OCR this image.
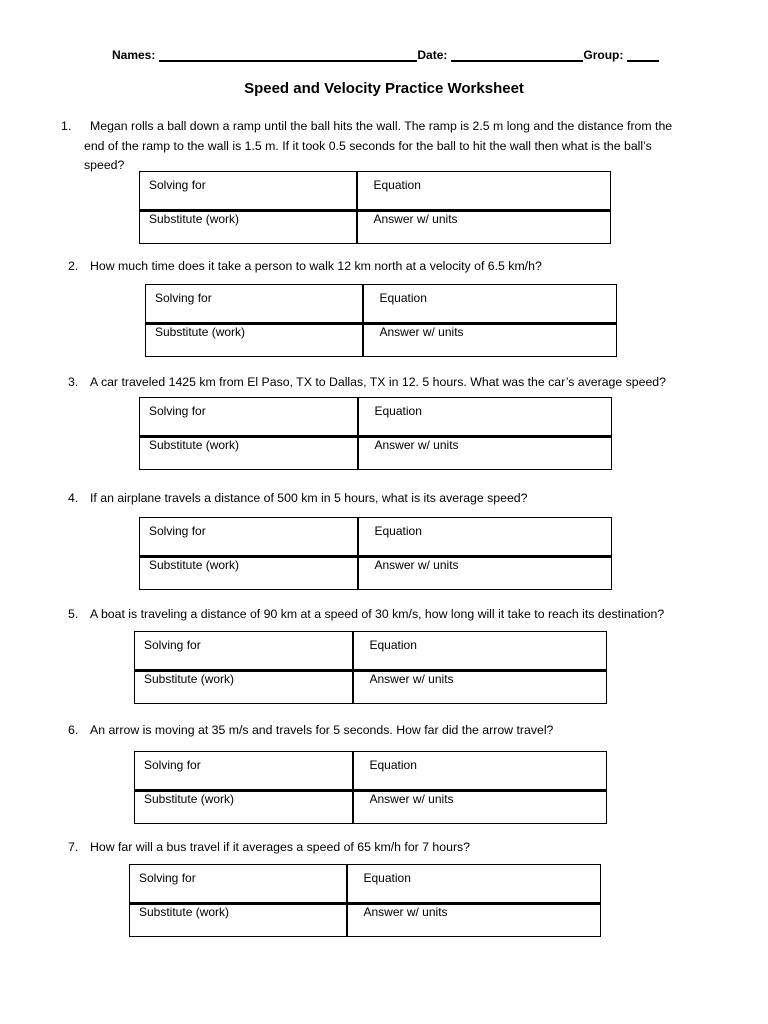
Names:	Date:	Group:
Speed and Velocity Practice Worksheet
1. Megan rolls a ball down a ramp until the ball hits the wall. The ramp is 2.5 m long and the distance from the
end of the ramp to the wall is 1.5 m. If it took 0.5 seconds for the ball to hit the wall then what is the ball’s
speed?
Solving for	Equation
Substitute (work)	Answer w/ units
2. How much time does it take a person to walk 12 km north at a velocity of 6.5 km/h?
Solving for	Equation
Substitute (work)	Answer w/ units
3. A car traveled 1425 km from El Paso, TX to Dallas, TX in 12. 5 hours. What was the car’s average speed?
Solving for	Equation
Substitute (work)	Answer w/ units
4. If an airplane travels a distance of 500 km in 5 hours, what is its average speed?
Solving for	Equation
Substitute (work)	Answer w/ units
5. A boat is traveling a distance of 90 km at a speed of 30 km/s, how long will it take to reach its destination?
Solving for	Equation
Substitute (work)	Answer w/ units
6. An arrow is moving at 35 m/s and travels for 5 seconds. How far did the arrow travel?
Solving for	Equation
Substitute (work)	Answer w/ units
7. How far will a bus travel if it averages a speed of 65 km/h for 7 hours?
Solving for	Equation
Substitute (work)	Answer w/ units
